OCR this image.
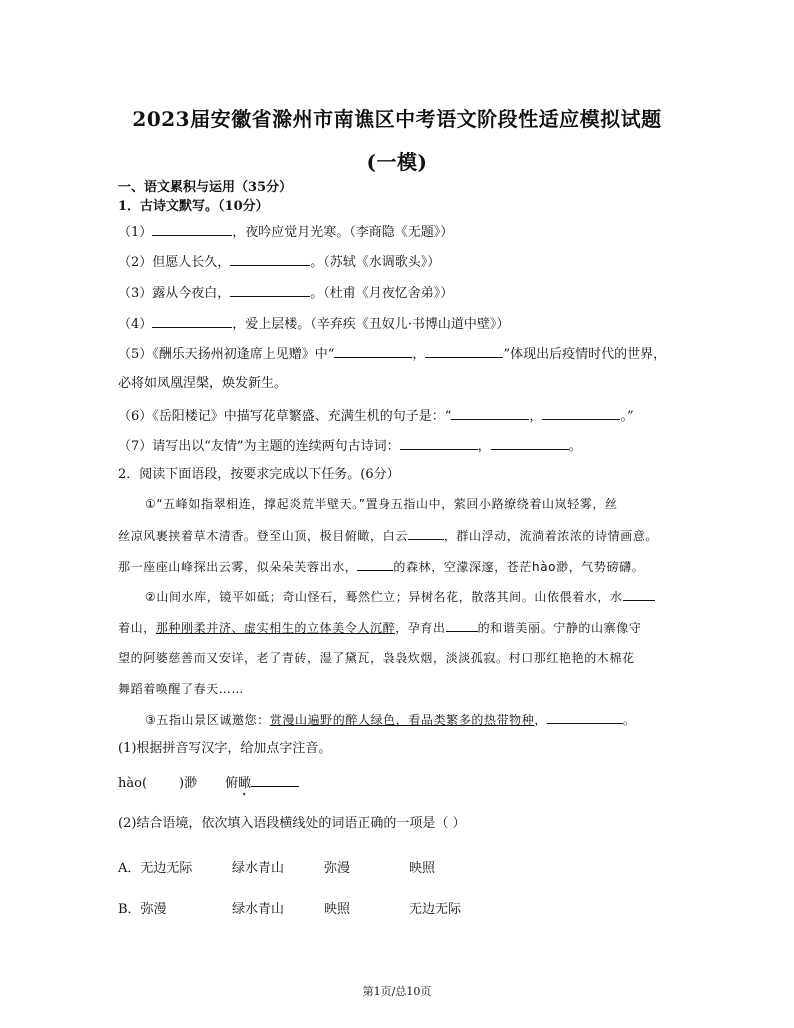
2023届安徽省滁州市南谯区中考语文阶段性适应模拟试题
(一模)
一、语文累积与运用（35分）
1．古诗文默写。（10分）
（1）	，夜吟应觉月光寒。（李商隐《无题》）
（2）但愿人长久，	。（苏轼《水调歌头》）
（3）露从今夜白，	。（杜甫《月夜忆舍弟》）
（4）	，爱上层楼。（辛弃疾《丑奴儿·书博山道中壁》）
（5）《酬乐天扬州初逢席上见赠》中“	，	”体现出后疫情时代的世界，
必将如凤凰涅槃，焕发新生。
（6）《岳阳楼记》中描写花草繁盛、充满生机的句子是：“	，	。”
（7）请写出以“友情”为主题的连续两句古诗词：	，	。
2．阅读下面语段，按要求完成以下任务。(6分）
①“五峰如指翠相连，撑起炎荒半壁天。”置身五指山中，萦回小路缭绕着山岚轻雾，丝
丝凉风裹挟着草木清香。登至山顶，极目俯瞰，白云	，群山浮动，流淌着浓浓的诗情画意。
那一座座山峰探出云雾，似朵朵芙蓉出水，	的森林，空濛深邃，苍茫hào渺，气势磅礴。
②山间水库，镜平如砥；奇山怪石，蓦然伫立；异树名花，散落其间。山依偎着水，水
着山，那种刚柔并济、虚实相生的立体美令人沉醉，孕育出	的和谐美丽。宁静的山寨像守
望的阿婆慈善而又安详，老了青砖，湿了黛瓦，袅袅炊烟，淡淡孤寂。村口那红艳艳的木棉花
舞蹈着唤醒了春天……
③五指山景区诚邀您：赏漫山遍野的醉人绿色，看品类繁多的热带物种，	。
(1)根据拼音写汉字，给加点字注音。
hào( )渺 俯瞰
(2)结合语境，依次填入语段横线处的词语正确的一项是（ ）
A．无边无际	绿水青山	弥漫	映照
B．弥漫	绿水青山	映照	无边无际
第1页/总10页
